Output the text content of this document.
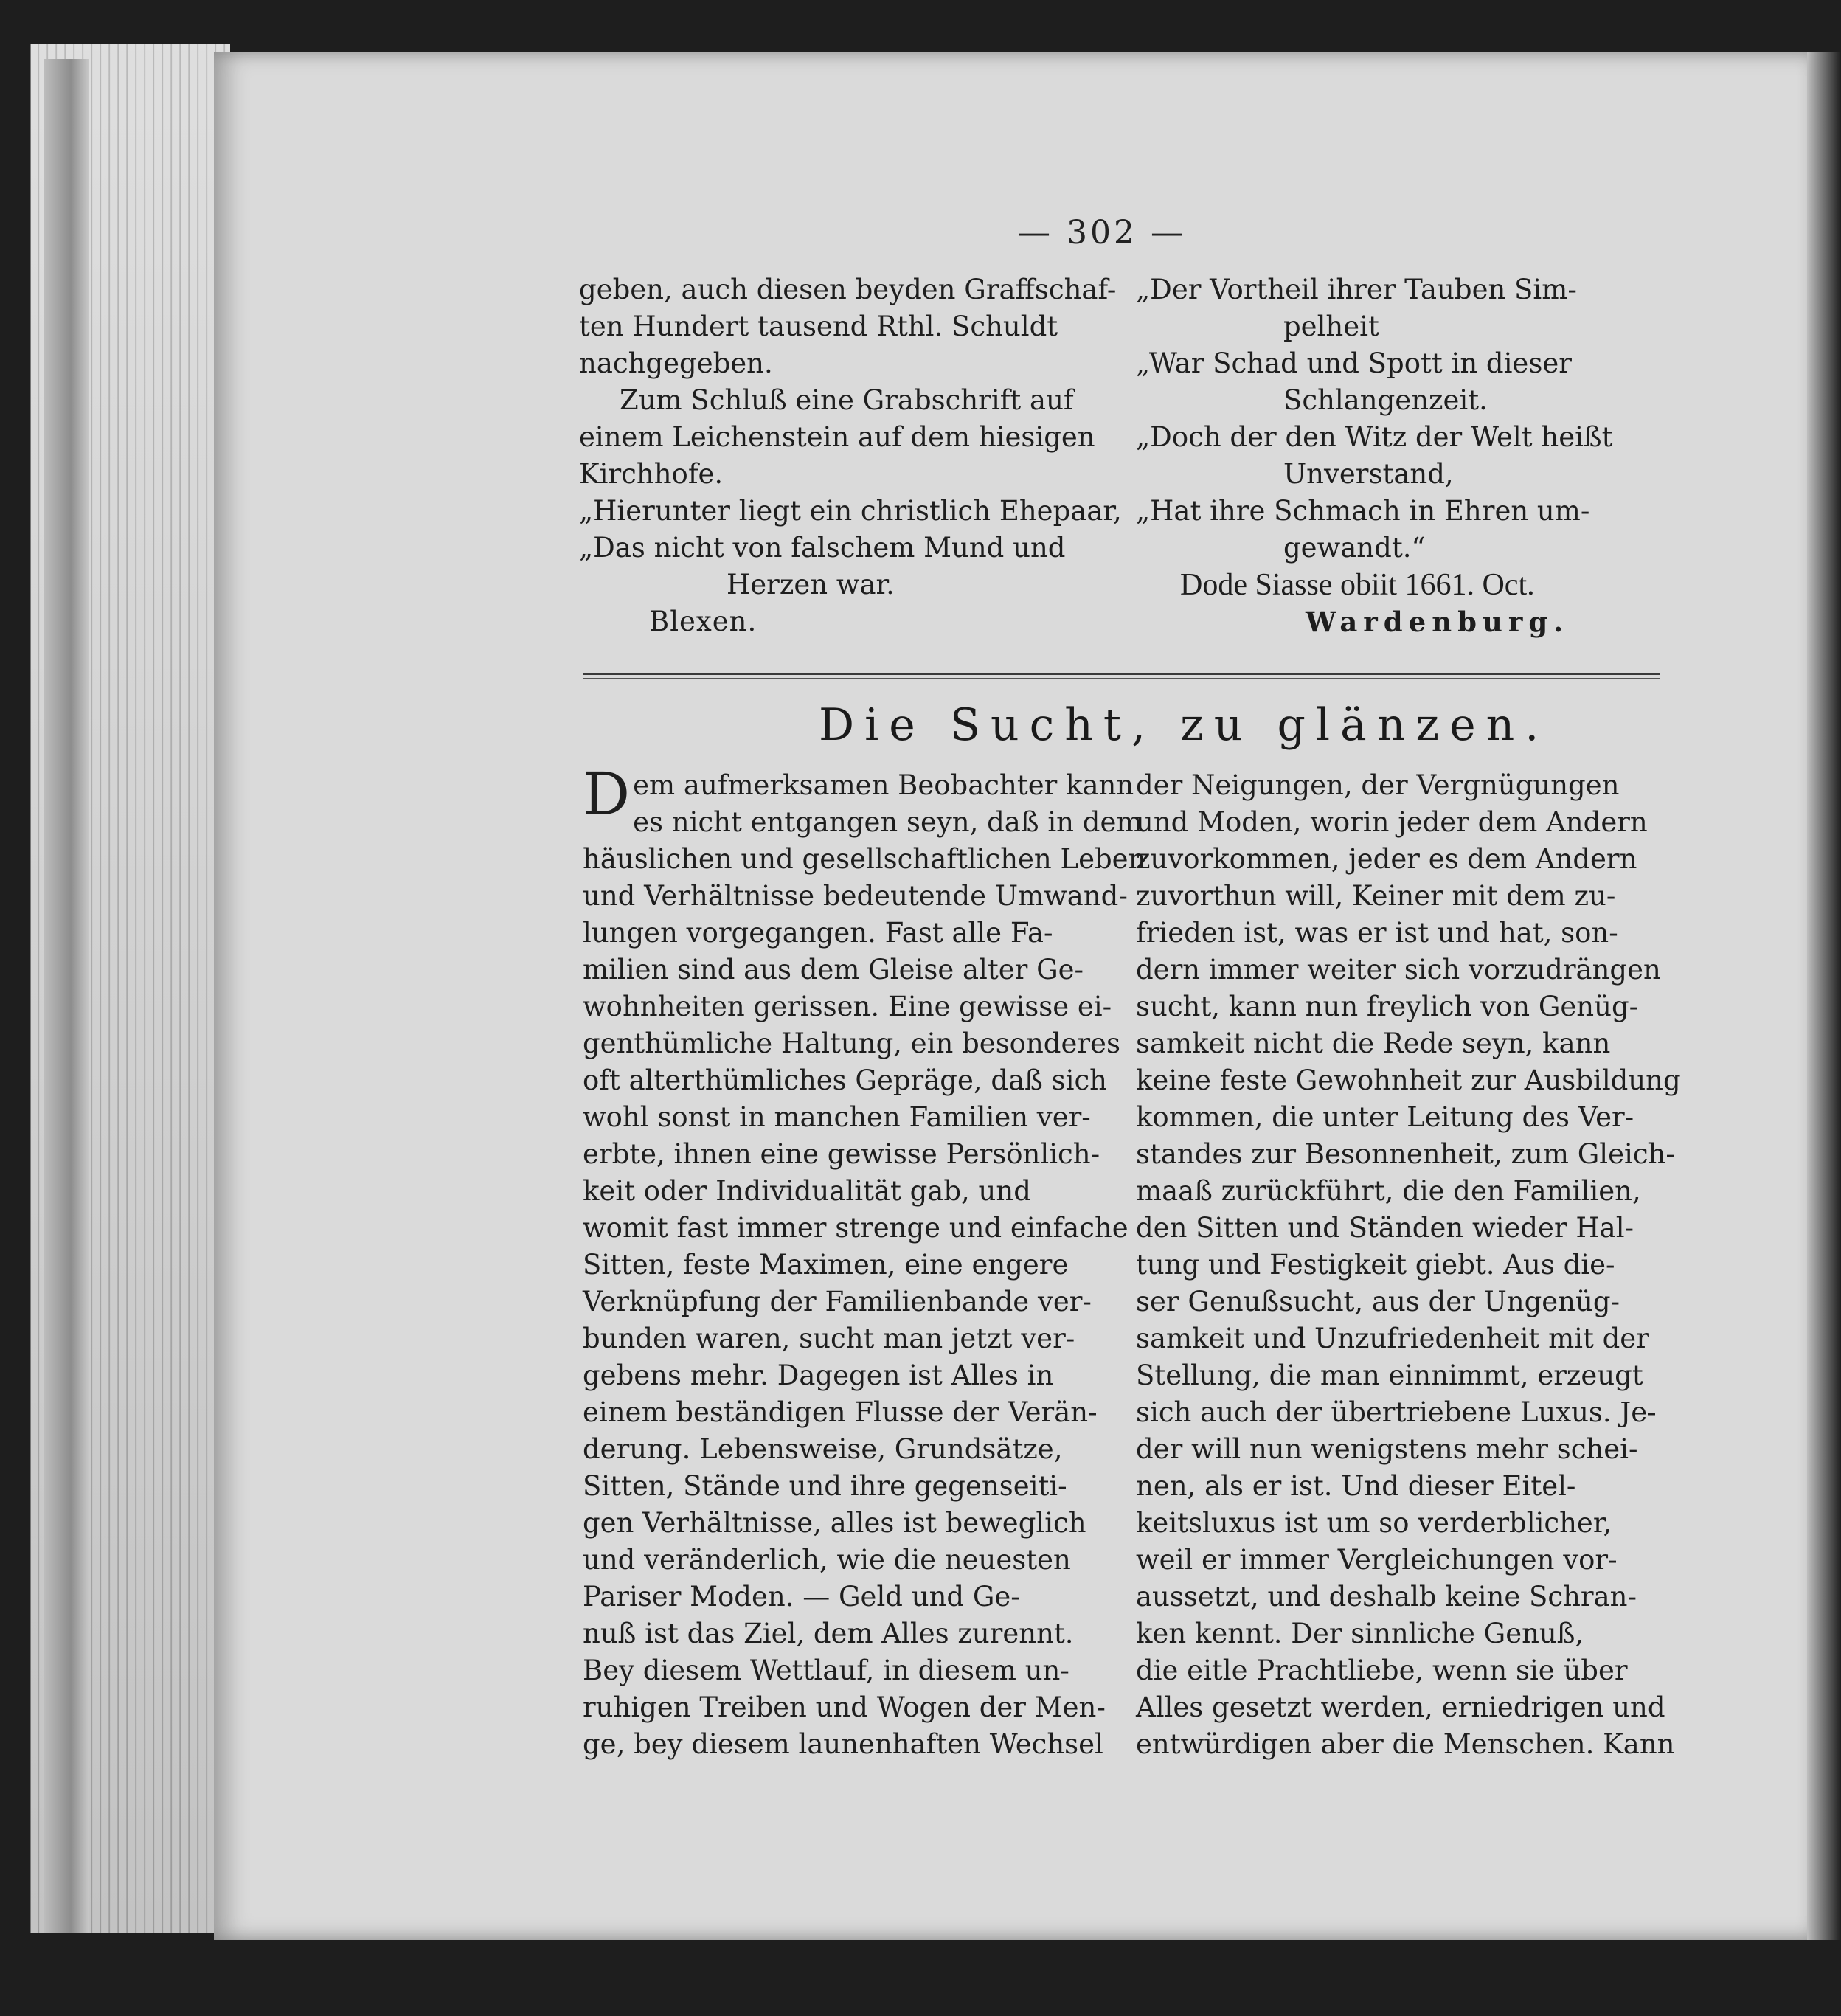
— 302 —

geben, auch diesen beyden Graffschaf-

ten Hundert tausend Rthl. Schuldt

nachgegeben.

Zum Schluß eine Grabschrift auf

einem Leichenstein auf dem hiesigen

Kirchhofe.

„Hierunter liegt ein christlich Ehepaar,

„Das nicht von falschem Mund und

Herzen war.

Blexen.

„Der Vortheil ihrer Tauben Sim-

pelheit

„War Schad und Spott in dieser

Schlangenzeit.

„Doch der den Witz der Welt heißt

Unverstand,

„Hat ihre Schmach in Ehren um-

gewandt.“

Dode Siasse obiit 1661. Oct.

Wardenburg.

Die Sucht, zu glänzen.
D em aufmerksamen Beobachter kann

es nicht entgangen seyn, daß in dem

häuslichen und gesellschaftlichen Leben

und Verhältnisse bedeutende Umwand-

lungen vorgegangen. Fast alle Fa-

milien sind aus dem Gleise alter Ge-

wohnheiten gerissen. Eine gewisse ei-

genthümliche Haltung, ein besonderes

oft alterthümliches Gepräge, daß sich

wohl sonst in manchen Familien ver-

erbte, ihnen eine gewisse Persönlich-

keit oder Individualität gab, und

womit fast immer strenge und einfache

Sitten, feste Maximen, eine engere

Verknüpfung der Familienbande ver-

bunden waren, sucht man jetzt ver-

gebens mehr. Dagegen ist Alles in

einem beständigen Flusse der Verän-

derung. Lebensweise, Grundsätze,

Sitten, Stände und ihre gegenseiti-

gen Verhältnisse, alles ist beweglich

und veränderlich, wie die neuesten

Pariser Moden. — Geld und Ge-

nuß ist das Ziel, dem Alles zurennt.

Bey diesem Wettlauf, in diesem un-

ruhigen Treiben und Wogen der Men-

ge, bey diesem launenhaften Wechsel

der Neigungen, der Vergnügungen

und Moden, worin jeder dem Andern

zuvorkommen, jeder es dem Andern

zuvorthun will, Keiner mit dem zu-

frieden ist, was er ist und hat, son-

dern immer weiter sich vorzudrängen

sucht, kann nun freylich von Genüg-

samkeit nicht die Rede seyn, kann

keine feste Gewohnheit zur Ausbildung

kommen, die unter Leitung des Ver-

standes zur Besonnenheit, zum Gleich-

maaß zurückführt, die den Familien,

den Sitten und Ständen wieder Hal-

tung und Festigkeit giebt. Aus die-

ser Genußsucht, aus der Ungenüg-

samkeit und Unzufriedenheit mit der

Stellung, die man einnimmt, erzeugt

sich auch der übertriebene Luxus. Je-

der will nun wenigstens mehr schei-

nen, als er ist. Und dieser Eitel-

keitsluxus ist um so verderblicher,

weil er immer Vergleichungen vor-

aussetzt, und deshalb keine Schran-

ken kennt. Der sinnliche Genuß,

die eitle Prachtliebe, wenn sie über

Alles gesetzt werden, erniedrigen und

entwürdigen aber die Menschen. Kann
